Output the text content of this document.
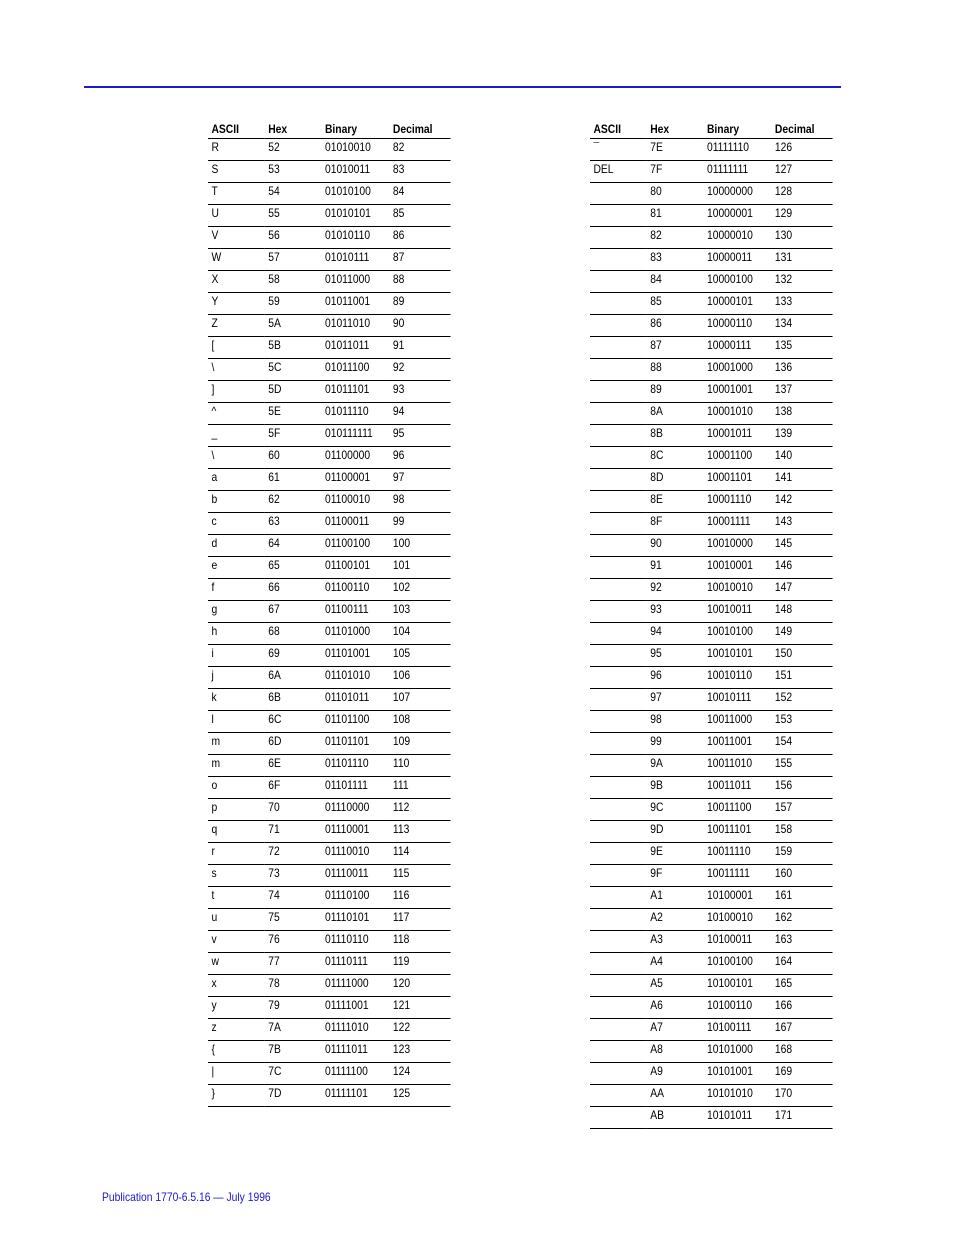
ASCII	Hex	Binary	Decimal
R	52	01010010	82
S	53	01010011	83
T	54	01010100	84
U	55	01010101	85
V	56	01010110	86
W	57	01010111	87
X	58	01011000	88
Y	59	01011001	89
Z	5A	01011010	90
[	5B	01011011	91
\	5C	01011100	92
]	5D	01011101	93
^	5E	01011110	94
_	5F	010111111	95
\	60	01100000	96
a	61	01100001	97
b	62	01100010	98
c	63	01100011	99
d	64	01100100	100
e	65	01100101	101
f	66	01100110	102
g	67	01100111	103
h	68	01101000	104
i	69	01101001	105
j	6A	01101010	106
k	6B	01101011	107
l	6C	01101100	108
m	6D	01101101	109
m	6E	01101110	110
o	6F	01101111	111
p	70	01110000	112
q	71	01110001	113
r	72	01110010	114
s	73	01110011	115
t	74	01110100	116
u	75	01110101	117
v	76	01110110	118
w	77	01110111	119
x	78	01111000	120
y	79	01111001	121
z	7A	01111010	122
{	7B	01111011	123
|	7C	01111100	124
}	7D	01111101	125
ASCII	Hex	Binary	Decimal
¯	7E	01111110	126
DEL	7F	01111111	127
	80	10000000	128
	81	10000001	129
	82	10000010	130
	83	10000011	131
	84	10000100	132
	85	10000101	133
	86	10000110	134
	87	10000111	135
	88	10001000	136
	89	10001001	137
	8A	10001010	138
	8B	10001011	139
	8C	10001100	140
	8D	10001101	141
	8E	10001110	142
	8F	10001111	143
	90	10010000	145
	91	10010001	146
	92	10010010	147
	93	10010011	148
	94	10010100	149
	95	10010101	150
	96	10010110	151
	97	10010111	152
	98	10011000	153
	99	10011001	154
	9A	10011010	155
	9B	10011011	156
	9C	10011100	157
	9D	10011101	158
	9E	10011110	159
	9F	10011111	160
	A1	10100001	161
	A2	10100010	162
	A3	10100011	163
	A4	10100100	164
	A5	10100101	165
	A6	10100110	166
	A7	10100111	167
	A8	10101000	168
	A9	10101001	169
	AA	10101010	170
	AB	10101011	171
Publication 1770-6.5.16 — July 1996
